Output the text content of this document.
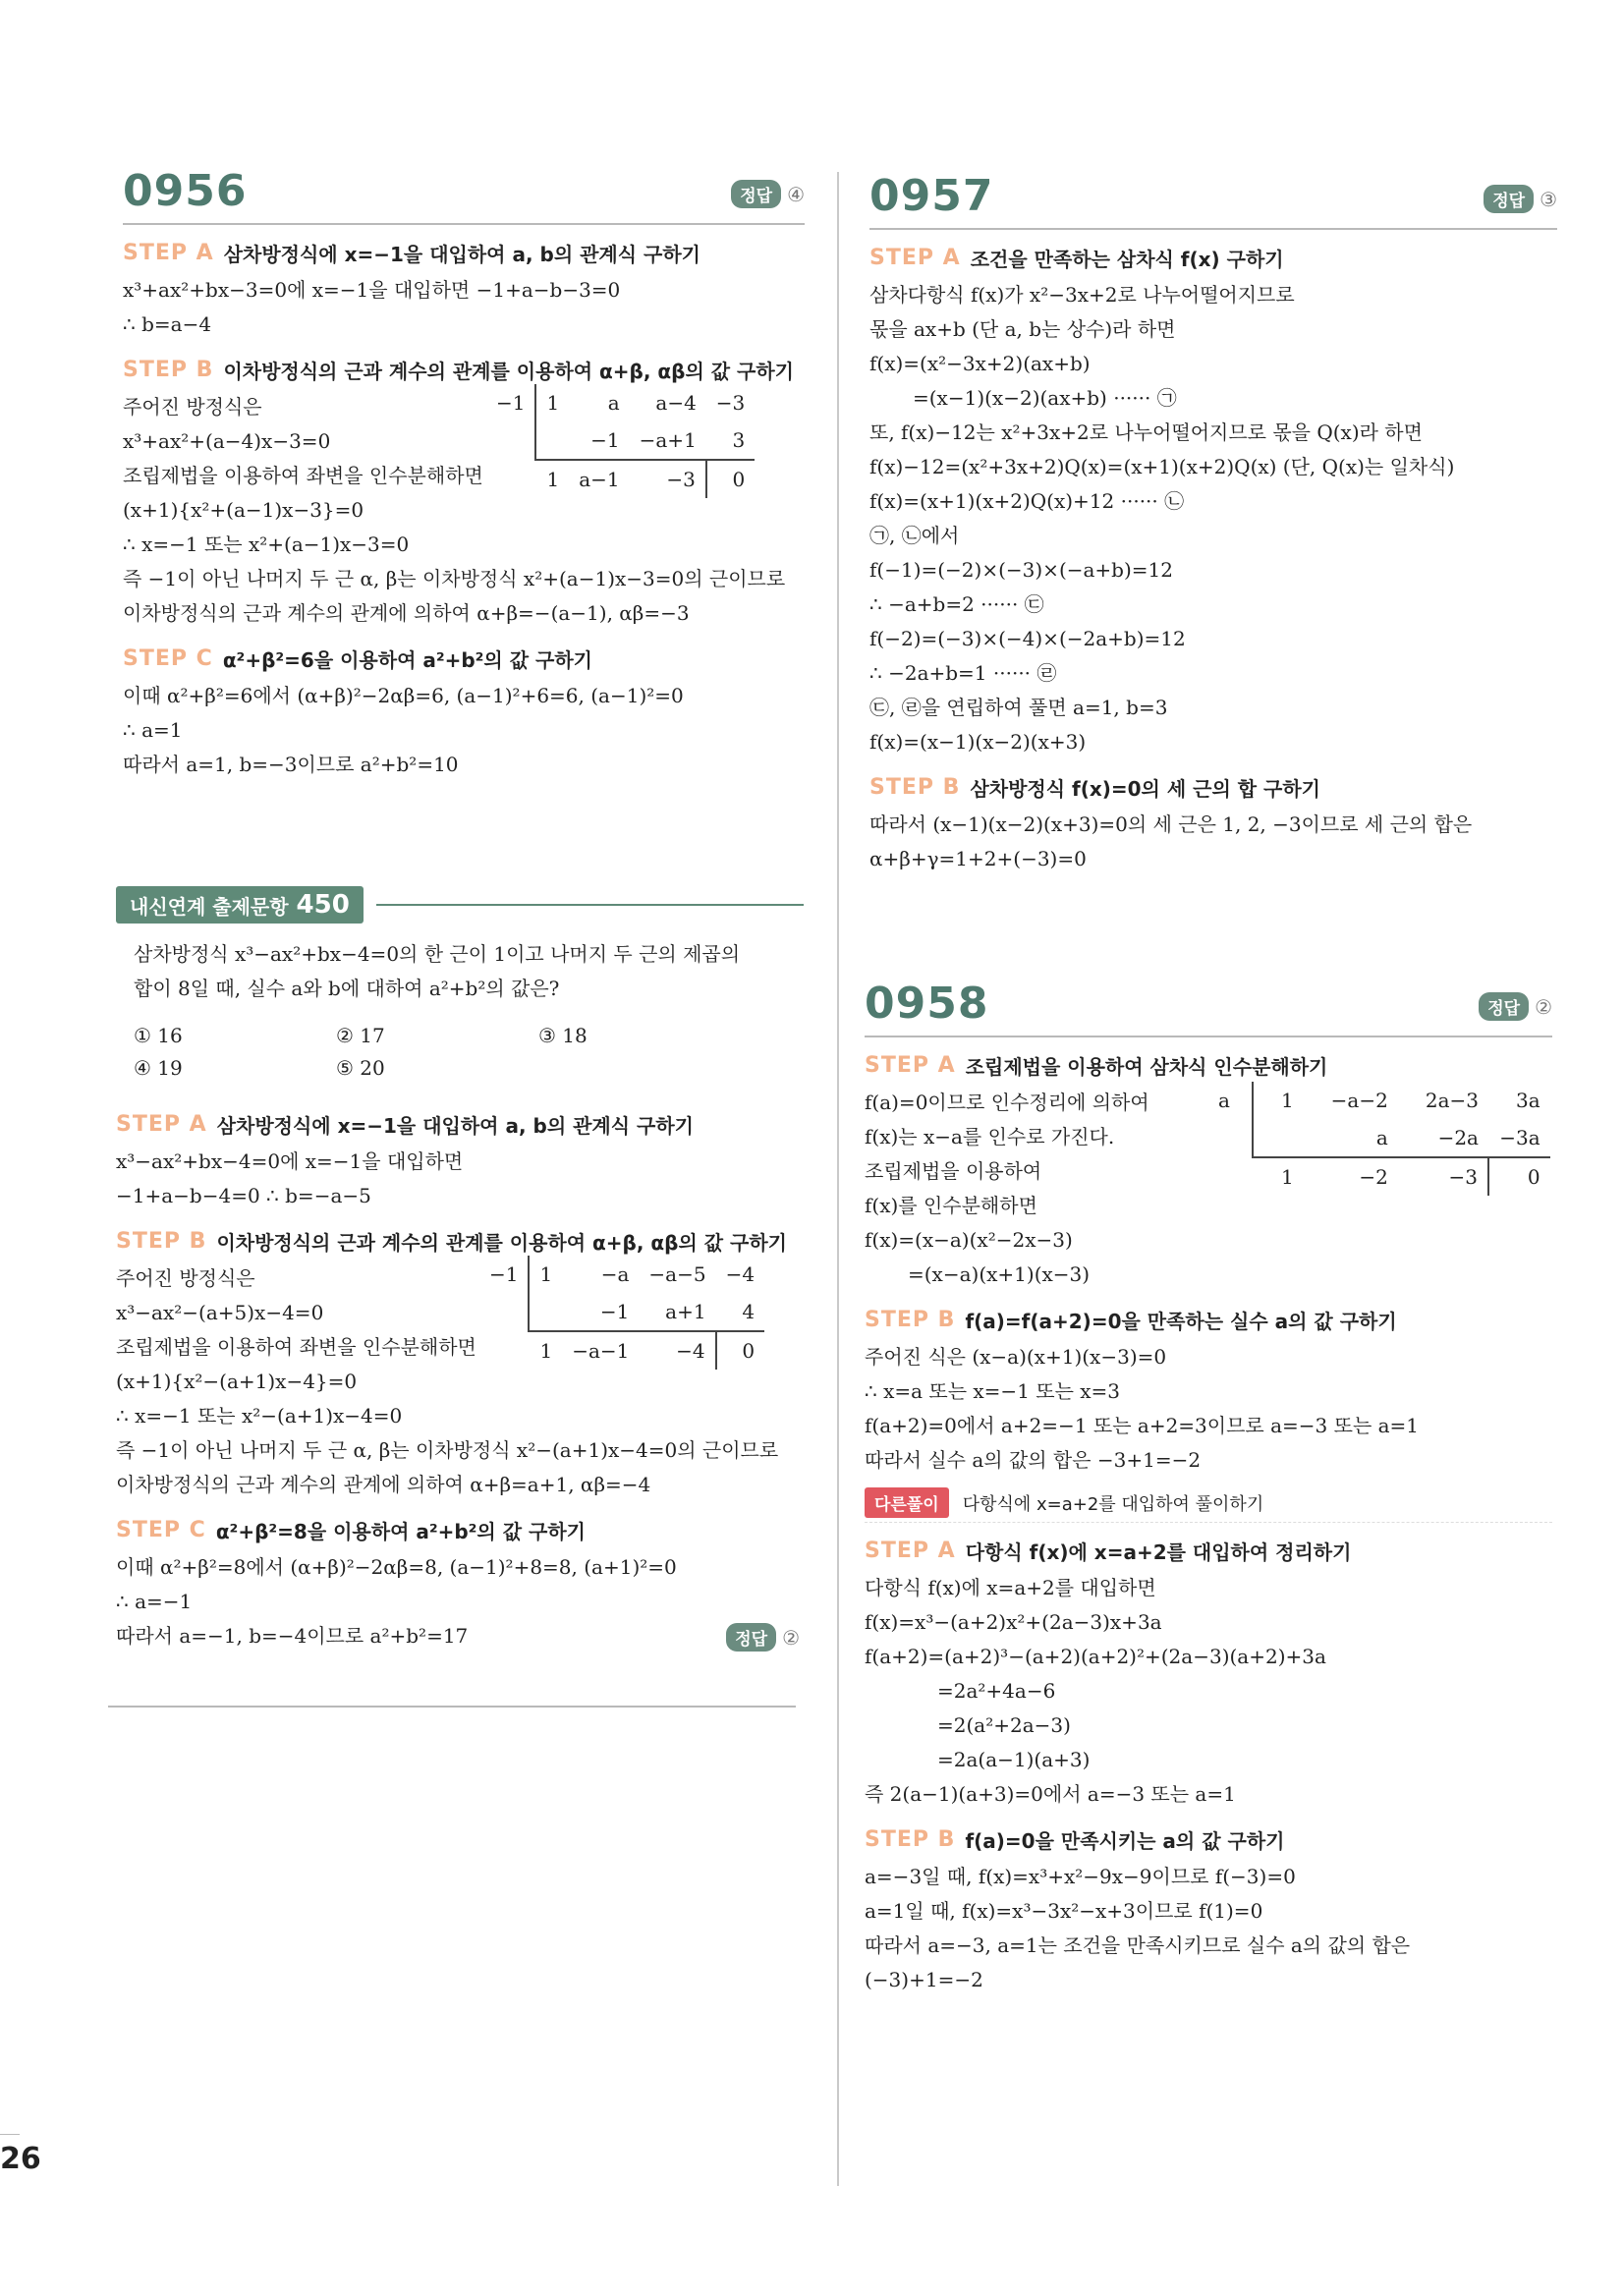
0956	정답 ④
STEP A 삼차방정식에 x=−1을 대입하여 a, b의 관계식 구하기
x³+ax²+bx−3=0에 x=−1을 대입하면 −1+a−b−3=0
∴ b=a−4
STEP B 이차방정식의 근과 계수의 관계를 이용하여 α+β, αβ의 값 구하기
주어진 방정식은
x³+ax²+(a−4)x−3=0
조립제법을 이용하여 좌변을 인수분해하면
(x+1){x²+(a−1)x−3}=0
∴ x=−1 또는 x²+(a−1)x−3=0
즉 −1이 아닌 나머지 두 근 α, β는 이차방정식 x²+(a−1)x−3=0의 근이므로
이차방정식의 근과 계수의 관계에 의하여 α+β=−(a−1), αβ=−3
−1	1	a	a−4	−3
		−1	−a+1	3
	1	a−1	−3	0
STEP C α²+β²=6을 이용하여 a²+b²의 값 구하기
이때 α²+β²=6에서 (α+β)²−2αβ=6, (a−1)²+6=6, (a−1)²=0
∴ a=1
따라서 a=1, b=−3이므로 a²+b²=10
내신연계 출제문항 450
삼차방정식 x³−ax²+bx−4=0의 한 근이 1이고 나머지 두 근의 제곱의
합이 8일 때, 실수 a와 b에 대하여 a²+b²의 값은?
① 16	② 17	③ 18
④ 19	⑤ 20
STEP A 삼차방정식에 x=−1을 대입하여 a, b의 관계식 구하기
x³−ax²+bx−4=0에 x=−1을 대입하면
−1+a−b−4=0 ∴ b=−a−5
STEP B 이차방정식의 근과 계수의 관계를 이용하여 α+β, αβ의 값 구하기
주어진 방정식은
x³−ax²−(a+5)x−4=0
조립제법을 이용하여 좌변을 인수분해하면
(x+1){x²−(a+1)x−4}=0
∴ x=−1 또는 x²−(a+1)x−4=0
즉 −1이 아닌 나머지 두 근 α, β는 이차방정식 x²−(a+1)x−4=0의 근이므로
이차방정식의 근과 계수의 관계에 의하여 α+β=a+1, αβ=−4
−1	1	−a	−a−5	−4
		−1	a+1	4
	1	−a−1	−4	0
STEP C α²+β²=8을 이용하여 a²+b²의 값 구하기
이때 α²+β²=8에서 (α+β)²−2αβ=8, (a−1)²+8=8, (a+1)²=0
∴ a=−1
따라서 a=−1, b=−4이므로 a²+b²=17	정답 ②
0957	정답 ③
STEP A 조건을 만족하는 삼차식 f(x) 구하기
삼차다항식 f(x)가 x²−3x+2로 나누어떨어지므로
몫을 ax+b (단 a, b는 상수)라 하면
f(x)=(x²−3x+2)(ax+b)
=(x−1)(x−2)(ax+b) ······ ㉠
또, f(x)−12는 x²+3x+2로 나누어떨어지므로 몫을 Q(x)라 하면
f(x)−12=(x²+3x+2)Q(x)=(x+1)(x+2)Q(x) (단, Q(x)는 일차식)
f(x)=(x+1)(x+2)Q(x)+12 ······ ㉡
㉠, ㉡에서
f(−1)=(−2)×(−3)×(−a+b)=12
∴ −a+b=2 ······ ㉢
f(−2)=(−3)×(−4)×(−2a+b)=12
∴ −2a+b=1 ······ ㉣
㉢, ㉣을 연립하여 풀면 a=1, b=3
f(x)=(x−1)(x−2)(x+3)
STEP B 삼차방정식 f(x)=0의 세 근의 합 구하기
따라서 (x−1)(x−2)(x+3)=0의 세 근은 1, 2, −3이므로 세 근의 합은
α+β+γ=1+2+(−3)=0
0958	정답 ②
STEP A 조립제법을 이용하여 삼차식 인수분해하기
f(a)=0이므로 인수정리에 의하여
f(x)는 x−a를 인수로 가진다.
조립제법을 이용하여
f(x)를 인수분해하면
f(x)=(x−a)(x²−2x−3)
=(x−a)(x+1)(x−3)
a	1	−a−2	2a−3	3a
		a	−2a	−3a
	1	−2	−3	0
STEP B f(a)=f(a+2)=0을 만족하는 실수 a의 값 구하기
주어진 식은 (x−a)(x+1)(x−3)=0
∴ x=a 또는 x=−1 또는 x=3
f(a+2)=0에서 a+2=−1 또는 a+2=3이므로 a=−3 또는 a=1
따라서 실수 a의 값의 합은 −3+1=−2
다른풀이	다항식에 x=a+2를 대입하여 풀이하기
STEP A 다항식 f(x)에 x=a+2를 대입하여 정리하기
다항식 f(x)에 x=a+2를 대입하면
f(x)=x³−(a+2)x²+(2a−3)x+3a
f(a+2)=(a+2)³−(a+2)(a+2)²+(2a−3)(a+2)+3a
=2a²+4a−6
=2(a²+2a−3)
=2a(a−1)(a+3)
즉 2(a−1)(a+3)=0에서 a=−3 또는 a=1
STEP B f(a)=0을 만족시키는 a의 값 구하기
a=−3일 때, f(x)=x³+x²−9x−9이므로 f(−3)=0
a=1일 때, f(x)=x³−3x²−x+3이므로 f(1)=0
따라서 a=−3, a=1는 조건을 만족시키므로 실수 a의 값의 합은
(−3)+1=−2
26
